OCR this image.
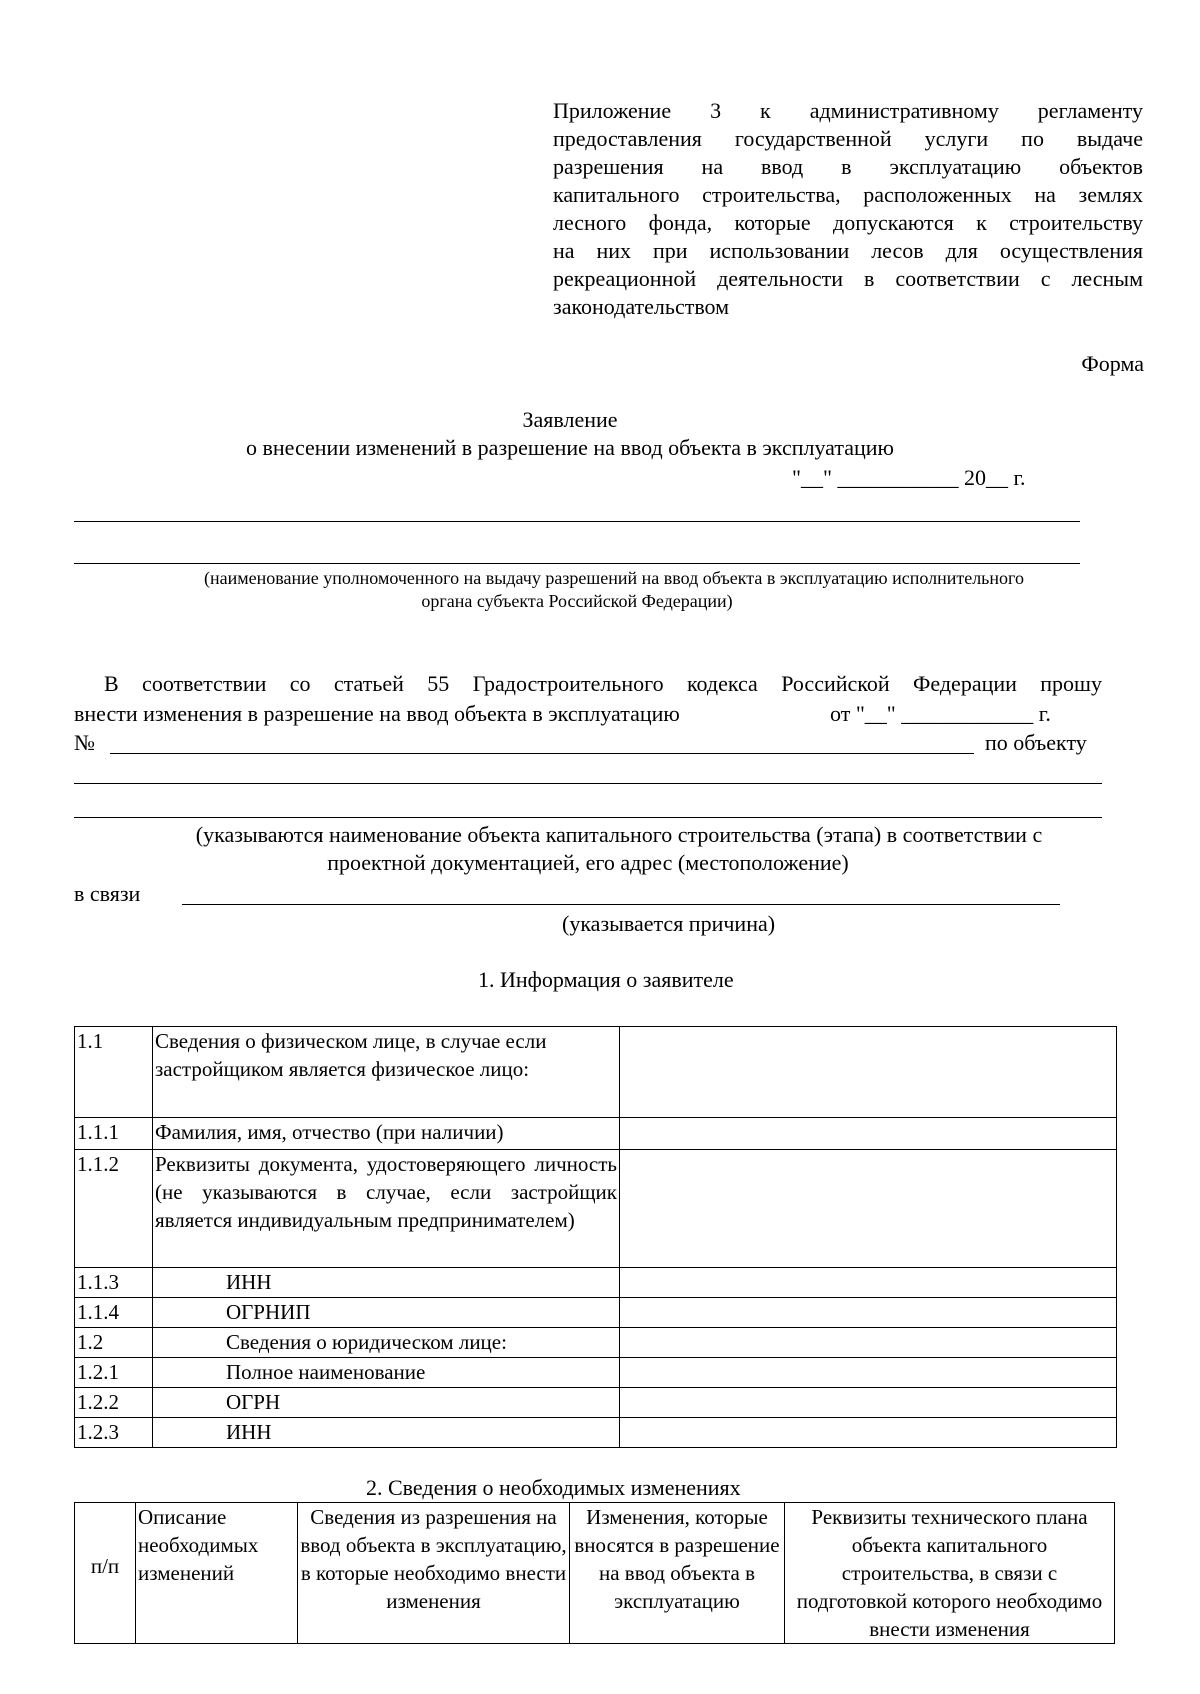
Приложение 3 к административному регламенту
предоставления государственной услуги по выдаче
разрешения на ввод в эксплуатацию объектов
капитального строительства, расположенных на землях
лесного фонда, которые допускаются к строительству
на них при использовании лесов для осуществления
рекреационной деятельности в соответствии с лесным
законодательством
Форма
Заявление
о внесении изменений в разрешение на ввод объекта в эксплуатацию
"__" ___________ 20__ г.
(наименование уполномоченного на выдачу разрешений на ввод объекта в эксплуатацию исполнительного
органа субъекта Российской Федерации)
В соответствии со статьей 55 Градостроительного кодекса Российской Федерации прошу
внести изменения в разрешение на ввод объекта в эксплуатацию	от "__" ____________ г.
№	по объекту
(указываются наименование объекта капитального строительства (этапа) в соответствии с
проектной документацией, его адрес (местоположение)
в связи
(указывается причина)
1. Информация о заявителе
1.1	Сведения о физическом лице, в случае если застройщиком является физическое лицо:	
1.1.1	Фамилия, имя, отчество (при наличии)	
1.1.2	Реквизиты документа, удостоверяющего личность (не указываются в случае, если застройщик является индивидуальным предпринимателем)	
1.1.3	ИНН	
1.1.4	ОГРНИП	
1.2	Сведения о юридическом лице:	
1.2.1	Полное наименование	
1.2.2	ОГРН	
1.2.3	ИНН	
2. Сведения о необходимых изменениях
п/п	Описание необходимых изменений	Сведения из разрешения на ввод объекта в эксплуатацию, в которые необходимо внести изменения	Изменения, которые вносятся в разрешение на ввод объекта в эксплуатацию	Реквизиты технического плана объекта капитального строительства, в связи с подготовкой которого необходимо внести изменения
